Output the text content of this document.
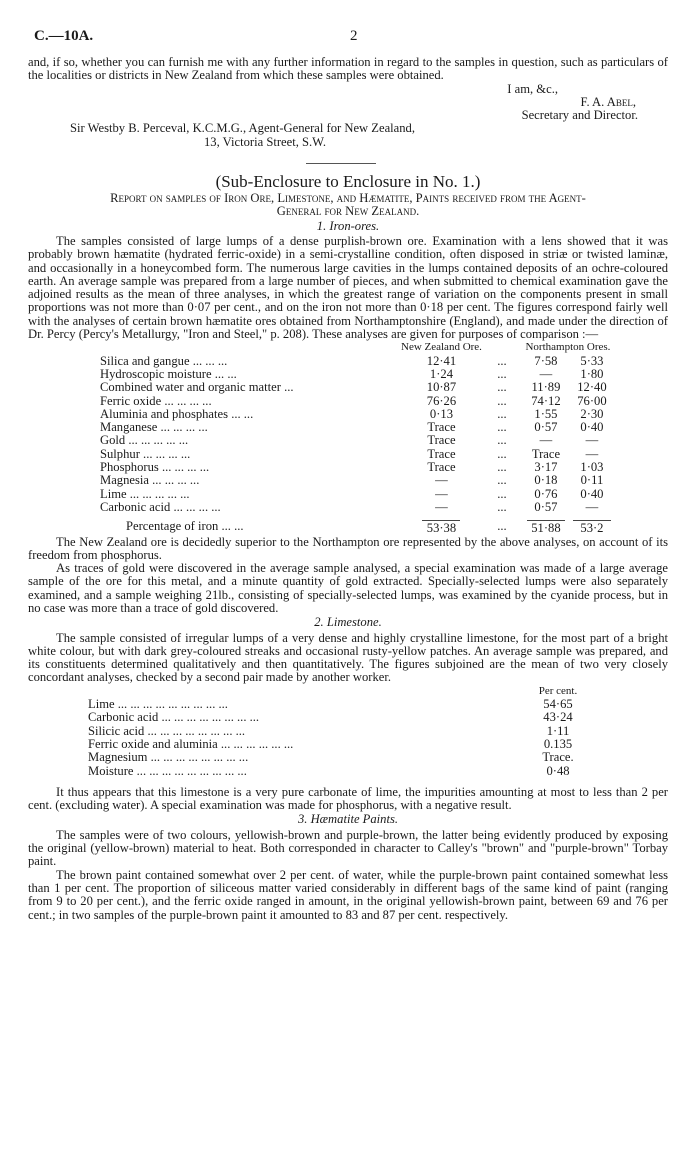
C.—10A.	2

and, if so, whether you can furnish me with any further information in regard to the samples in question, such as particulars of the localities or districts in New Zealand from which these samples were obtained.

I am, &c.,

F. A. Abel,

Secretary and Director.

Sir Westby B. Perceval, K.C.M.G., Agent-General for New Zealand,

13, Victoria Street, S.W.

(Sub-Enclosure to Enclosure in No. 1.)

Report on samples of Iron Ore, Limestone, and Hæmatite, Paints received from the Agent-

General for New Zealand.

1. Iron-ores.

The samples consisted of large lumps of a dense purplish-brown ore. Examination with a lens showed that it was probably brown hæmatite (hydrated ferric-oxide) in a semi-crystalline condition, often disposed in striæ or twisted laminæ, and occasionally in a honeycombed form. The numerous large cavities in the lumps contained deposits of an ochre-coloured earth. An average sample was prepared from a large number of pieces, and when submitted to chemical examination gave the adjoined results as the mean of three analyses, in which the greatest range of variation on the components present in small proportions was not more than 0·07 per cent., and on the iron not more than 0·18 per cent. The figures correspond fairly well with the analyses of certain brown hæmatite ores obtained from Northamptonshire (England), and made under the direction of Dr. Percy (Percy's Metallurgy, "Iron and Steel," p. 208). These analyses are given for purposes of comparison :—

	New Zealand Ore.		Northampton Ores.	
Silica and gangue ... ... ...	12·41	...	7·58	5·33
Hydroscopic moisture ... ...	1·24	...	—	1·80
Combined water and organic matter ...	10·87	...	11·89	12·40
Ferric oxide ... ... ... ...	76·26	...	74·12	76·00
Aluminia and phosphates ... ...	0·13	...	1·55	2·30
Manganese ... ... ... ...	Trace	...	0·57	0·40
Gold ... ... ... ... ...	Trace	...	—	—
Sulphur ... ... ... ...	Trace	...	Trace	—
Phosphorus ... ... ... ...	Trace	...	3·17	1·03
Magnesia ... ... ... ...	—	...	0·18	0·11
Lime ... ... ... ... ...	—	...	0·76	0·40
Carbonic acid ... ... ... ...	—	...	0·57	—
Percentage of iron ... ...	53·38	...	51·88	53·2

The New Zealand ore is decidedly superior to the Northampton ore represented by the above analyses, on account of its freedom from phosphorus.

As traces of gold were discovered in the average sample analysed, a special examination was made of a large average sample of the ore for this metal, and a minute quantity of gold extracted. Specially-selected lumps were also separately examined, and a sample weighing 21lb., consisting of specially-selected lumps, was examined by the cyanide process, but in no case was more than a trace of gold discovered.

2. Limestone.

The sample consisted of irregular lumps of a very dense and highly crystalline limestone, for the most part of a bright white colour, but with dark grey-coloured streaks and occasional rusty-yellow patches. An average sample was prepared, and its constituents determined qualitatively and then quantitatively. The figures subjoined are the mean of two very closely concordant analyses, checked by a second pair made by another worker.

	Per cent.
Lime ... ... ... ... ... ... ... ... ...	54·65
Carbonic acid ... ... ... ... ... ... ... ...	43·24
Silicic acid ... ... ... ... ... ... ... ...	1·11
Ferric oxide and aluminia ... ... ... ... ... ...	0.135
Magnesium ... ... ... ... ... ... ... ...	Trace.
Moisture ... ... ... ... ... ... ... ... ...	0·48

It thus appears that this limestone is a very pure carbonate of lime, the impurities amounting at most to less than 2 per cent. (excluding water). A special examination was made for phosphorus, with a negative result.

3. Hæmatite Paints.

The samples were of two colours, yellowish-brown and purple-brown, the latter being evidently produced by exposing the original (yellow-brown) material to heat. Both corresponded in character to Calley's "brown" and "purple-brown" Torbay paint.

The brown paint contained somewhat over 2 per cent. of water, while the purple-brown paint contained somewhat less than 1 per cent. The proportion of siliceous matter varied considerably in different bags of the same kind of paint (ranging from 9 to 20 per cent.), and the ferric oxide ranged in amount, in the original yellowish-brown paint, between 69 and 76 per cent.; in two samples of the purple-brown paint it amounted to 83 and 87 per cent. respectively.
